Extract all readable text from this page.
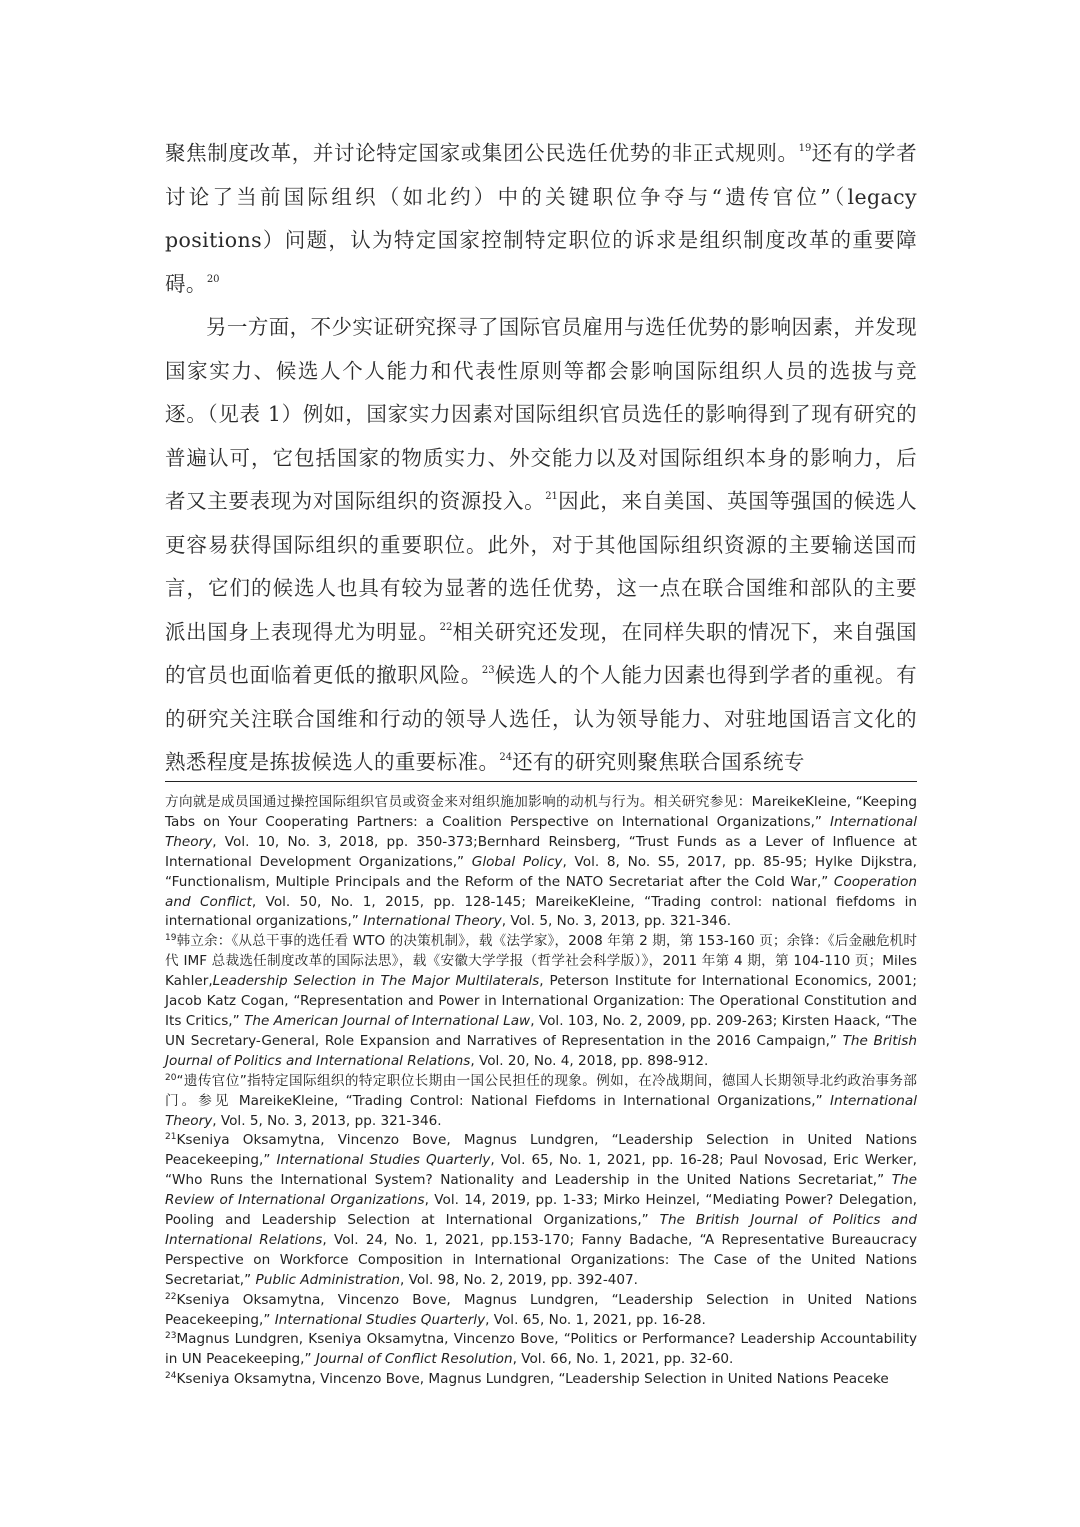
聚焦制度改革，并讨论特定国家或集团公民选任优势的非正式规则。$^{19}$还有的学者讨论了当前国际组织（如北约）中的关键职位争夺与“遗传官位”（legacy positions）问题，认为特定国家控制特定职位的诉求是组织制度改革的重要障碍。$^{20}$

另一方面，不少实证研究探寻了国际官员雇用与选任优势的影响因素，并发现国家实力、候选人个人能力和代表性原则等都会影响国际组织人员的选拔与竞逐。（见表 1）例如，国家实力因素对国际组织官员选任的影响得到了现有研究的普遍认可，它包括国家的物质实力、外交能力以及对国际组织本身的影响力，后者又主要表现为对国际组织的资源投入。$^{21}$因此，来自美国、英国等强国的候选人更容易获得国际组织的重要职位。此外，对于其他国际组织资源的主要输送国而言，它们的候选人也具有较为显著的选任优势，这一点在联合国维和部队的主要派出国身上表现得尤为明显。$^{22}$相关研究还发现，在同样失职的情况下，来自强国的官员也面临着更低的撤职风险。$^{23}$候选人的个人能力因素也得到学者的重视。有的研究关注联合国维和行动的领导人选任，认为领导能力、对驻地国语言文化的熟悉程度是拣拔候选人的重要标准。$^{24}$还有的研究则聚焦联合国系统专

方向就是成员国通过操控国际组织官员或资金来对组织施加影响的动机与行为。相关研究参见：MareikeKleine, “Keeping Tabs on Your Cooperating Partners: a Coalition Perspective on International Organizations,” International Theory, Vol. 10, No. 3, 2018, pp. 350-373;Bernhard Reinsberg, “Trust Funds as a Lever of Influence at International Development Organizations,” Global Policy, Vol. 8, No. S5, 2017, pp. 85-95; Hylke Dijkstra, “Functionalism, Multiple Principals and the Reform of the NATO Secretariat after the Cold War,” Cooperation and Conflict, Vol. 50, No. 1, 2015, pp. 128-145; MareikeKleine, “Trading control: national fiefdoms in international organizations,” International Theory, Vol. 5, No. 3, 2013, pp. 321-346.

$^{19}$韩立余：《从总干事的选任看 WTO 的决策机制》，载《法学家》，2008 年第 2 期，第 153-160 页；余锋：《后金融危机时代 IMF 总裁选任制度改革的国际法思》，载《安徽大学学报（哲学社会科学版）》，2011 年第 4 期，第 104-110 页；Miles Kahler,Leadership Selection in The Major Multilaterals, Peterson Institute for International Economics, 2001; Jacob Katz Cogan, “Representation and Power in International Organization: The Operational Constitution and Its Critics,” The American Journal of International Law, Vol. 103, No. 2, 2009, pp. 209-263; Kirsten Haack, “The UN Secretary-General, Role Expansion and Narratives of Representation in the 2016 Campaign,” The British Journal of Politics and International Relations, Vol. 20, No. 4, 2018, pp. 898-912.

$^{20}$“遗传官位”指特定国际组织的特定职位长期由一国公民担任的现象。例如，在冷战期间，德国人长期领导北约政治事务部门。参见 MareikeKleine, “Trading Control: National Fiefdoms in International Organizations,” International Theory, Vol. 5, No. 3, 2013, pp. 321-346.

$^{21}$Kseniya Oksamytna, Vincenzo Bove, Magnus Lundgren, “Leadership Selection in United Nations Peacekeeping,” International Studies Quarterly, Vol. 65, No. 1, 2021, pp. 16-28; Paul Novosad, Eric Werker, “Who Runs the International System? Nationality and Leadership in the United Nations Secretariat,” The Review of International Organizations, Vol. 14, 2019, pp. 1-33; Mirko Heinzel, “Mediating Power? Delegation, Pooling and Leadership Selection at International Organizations,” The British Journal of Politics and International Relations, Vol. 24, No. 1, 2021, pp.153-170; Fanny Badache, “A Representative Bureaucracy Perspective on Workforce Composition in International Organizations: The Case of the United Nations Secretariat,” Public Administration, Vol. 98, No. 2, 2019, pp. 392-407.

$^{22}$Kseniya Oksamytna, Vincenzo Bove, Magnus Lundgren, “Leadership Selection in United Nations Peacekeeping,” International Studies Quarterly, Vol. 65, No. 1, 2021, pp. 16-28.

$^{23}$Magnus Lundgren, Kseniya Oksamytna, Vincenzo Bove, “Politics or Performance? Leadership Accountability in UN Peacekeeping,” Journal of Conflict Resolution, Vol. 66, No. 1, 2021, pp. 32-60.

$^{24}$Kseniya Oksamytna, Vincenzo Bove, Magnus Lundgren, “Leadership Selection in United Nations Peaceke
